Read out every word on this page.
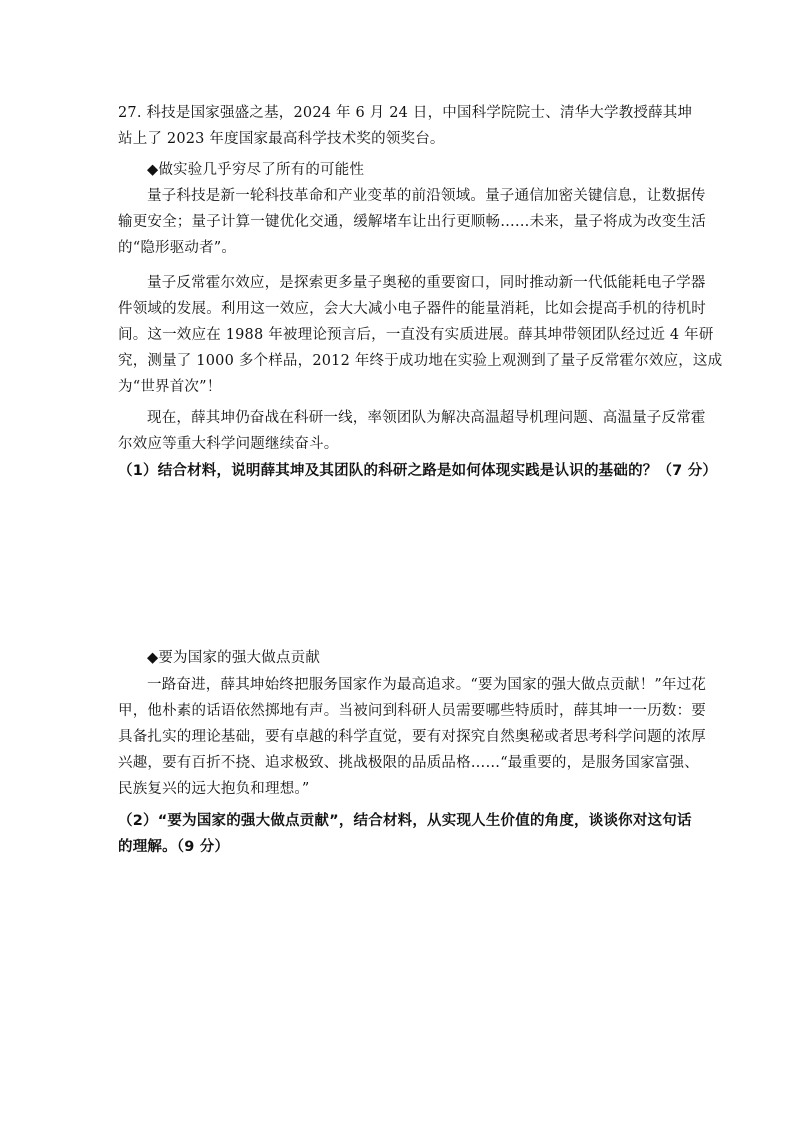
27. 科技是国家强盛之基，2024 年 6 月 24 日，中国科学院院士、清华大学教授薛其坤
站上了 2023 年度国家最高科学技术奖的领奖台。
◆做实验几乎穷尽了所有的可能性
量子科技是新一轮科技革命和产业变革的前沿领域。量子通信加密关键信息，让数据传
输更安全；量子计算一键优化交通，缓解堵车让出行更顺畅……未来，量子将成为改变生活
的“隐形驱动者”。
量子反常霍尔效应，是探索更多量子奥秘的重要窗口，同时推动新一代低能耗电子学器
件领域的发展。利用这一效应，会大大减小电子器件的能量消耗，比如会提高手机的待机时
间。这一效应在 1988 年被理论预言后，一直没有实质进展。薛其坤带领团队经过近 4 年研
究，测量了 1000 多个样品，2012 年终于成功地在实验上观测到了量子反常霍尔效应，这成
为“世界首次”！
现在，薛其坤仍奋战在科研一线，率领团队为解决高温超导机理问题、高温量子反常霍
尔效应等重大科学问题继续奋斗。
（1）结合材料，说明薛其坤及其团队的科研之路是如何体现实践是认识的基础的？（7 分）
◆要为国家的强大做点贡献
一路奋进，薛其坤始终把服务国家作为最高追求。“要为国家的强大做点贡献！”年过花
甲，他朴素的话语依然掷地有声。当被问到科研人员需要哪些特质时，薛其坤一一历数：要
具备扎实的理论基础，要有卓越的科学直觉，要有对探究自然奥秘或者思考科学问题的浓厚
兴趣，要有百折不挠、追求极致、挑战极限的品质品格……“最重要的，是服务国家富强、
民族复兴的远大抱负和理想。”
（2）“要为国家的强大做点贡献”，结合材料，从实现人生价值的角度，谈谈你对这句话
的理解。（9 分）
